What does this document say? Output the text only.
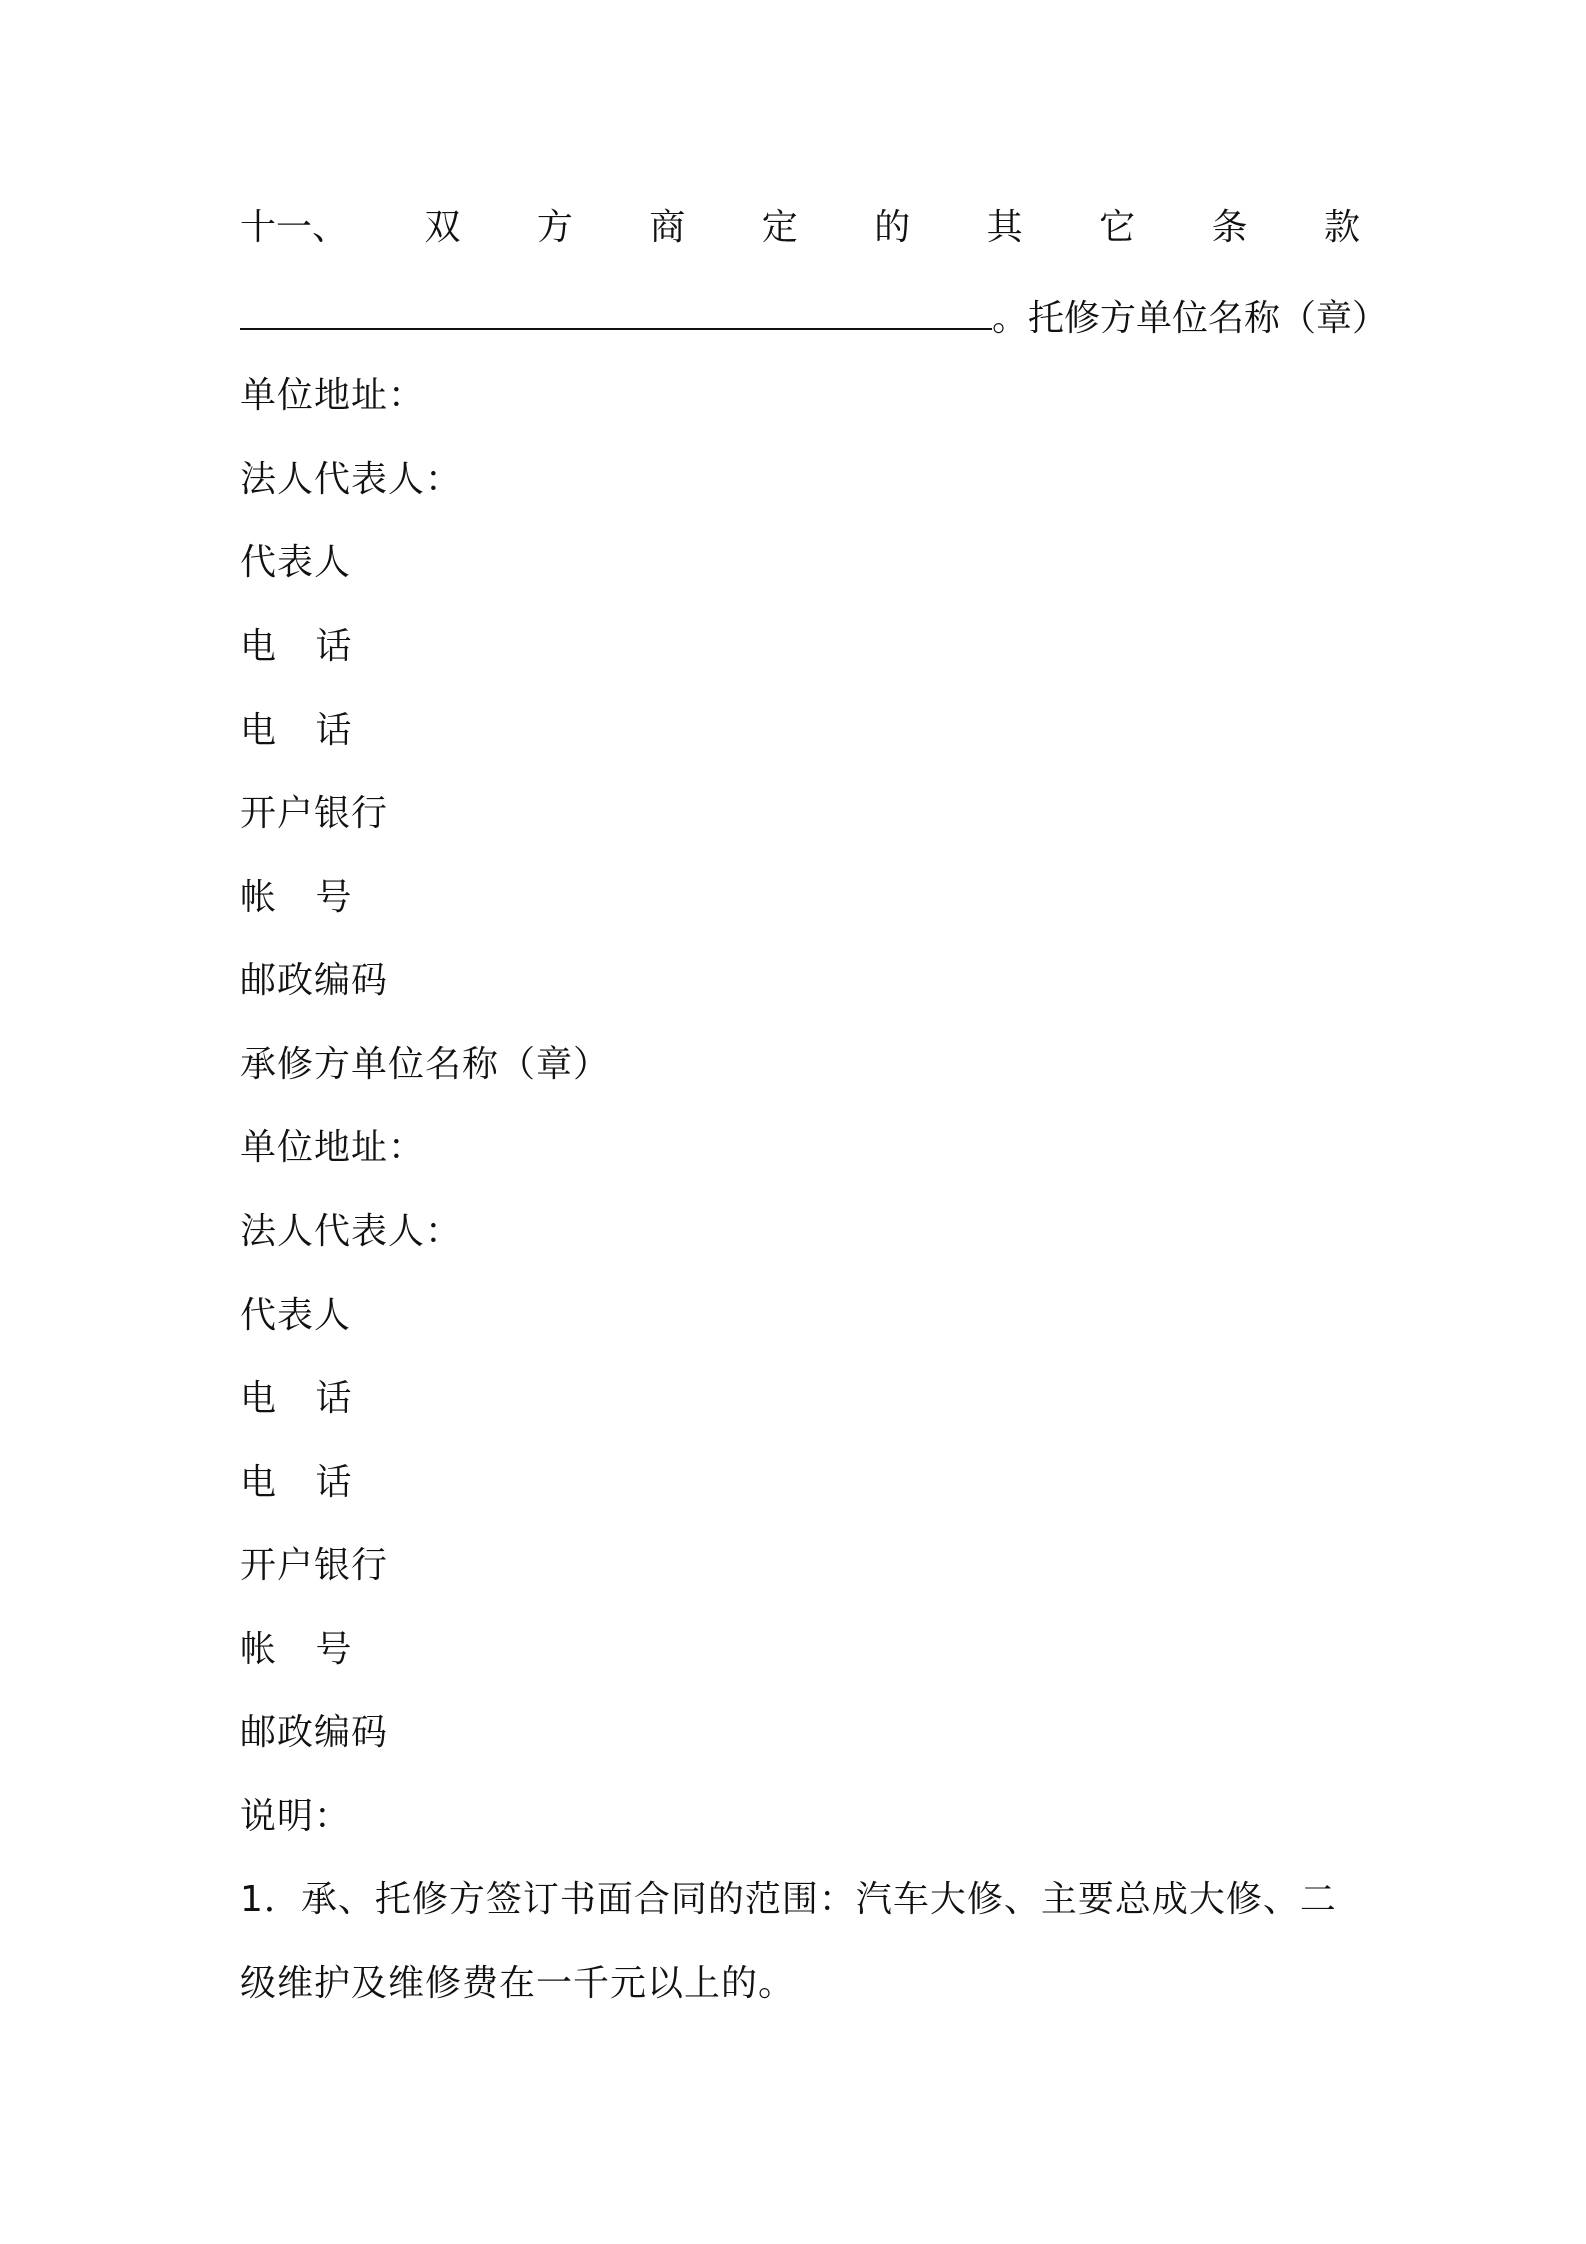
十一、 双 方 商 定 的 其 它 条 款
。托修方单位名称（章）
单位地址：
法人代表人：
代表人
电 话
电 话
开户银行
帐 号
邮政编码
承修方单位名称（章）
单位地址：
法人代表人：
代表人
电 话
电 话
开户银行
帐 号
邮政编码
说明：
1．承、托修方签订书面合同的范围：汽车大修、主要总成大修、二
级维护及维修费在一千元以上的。
